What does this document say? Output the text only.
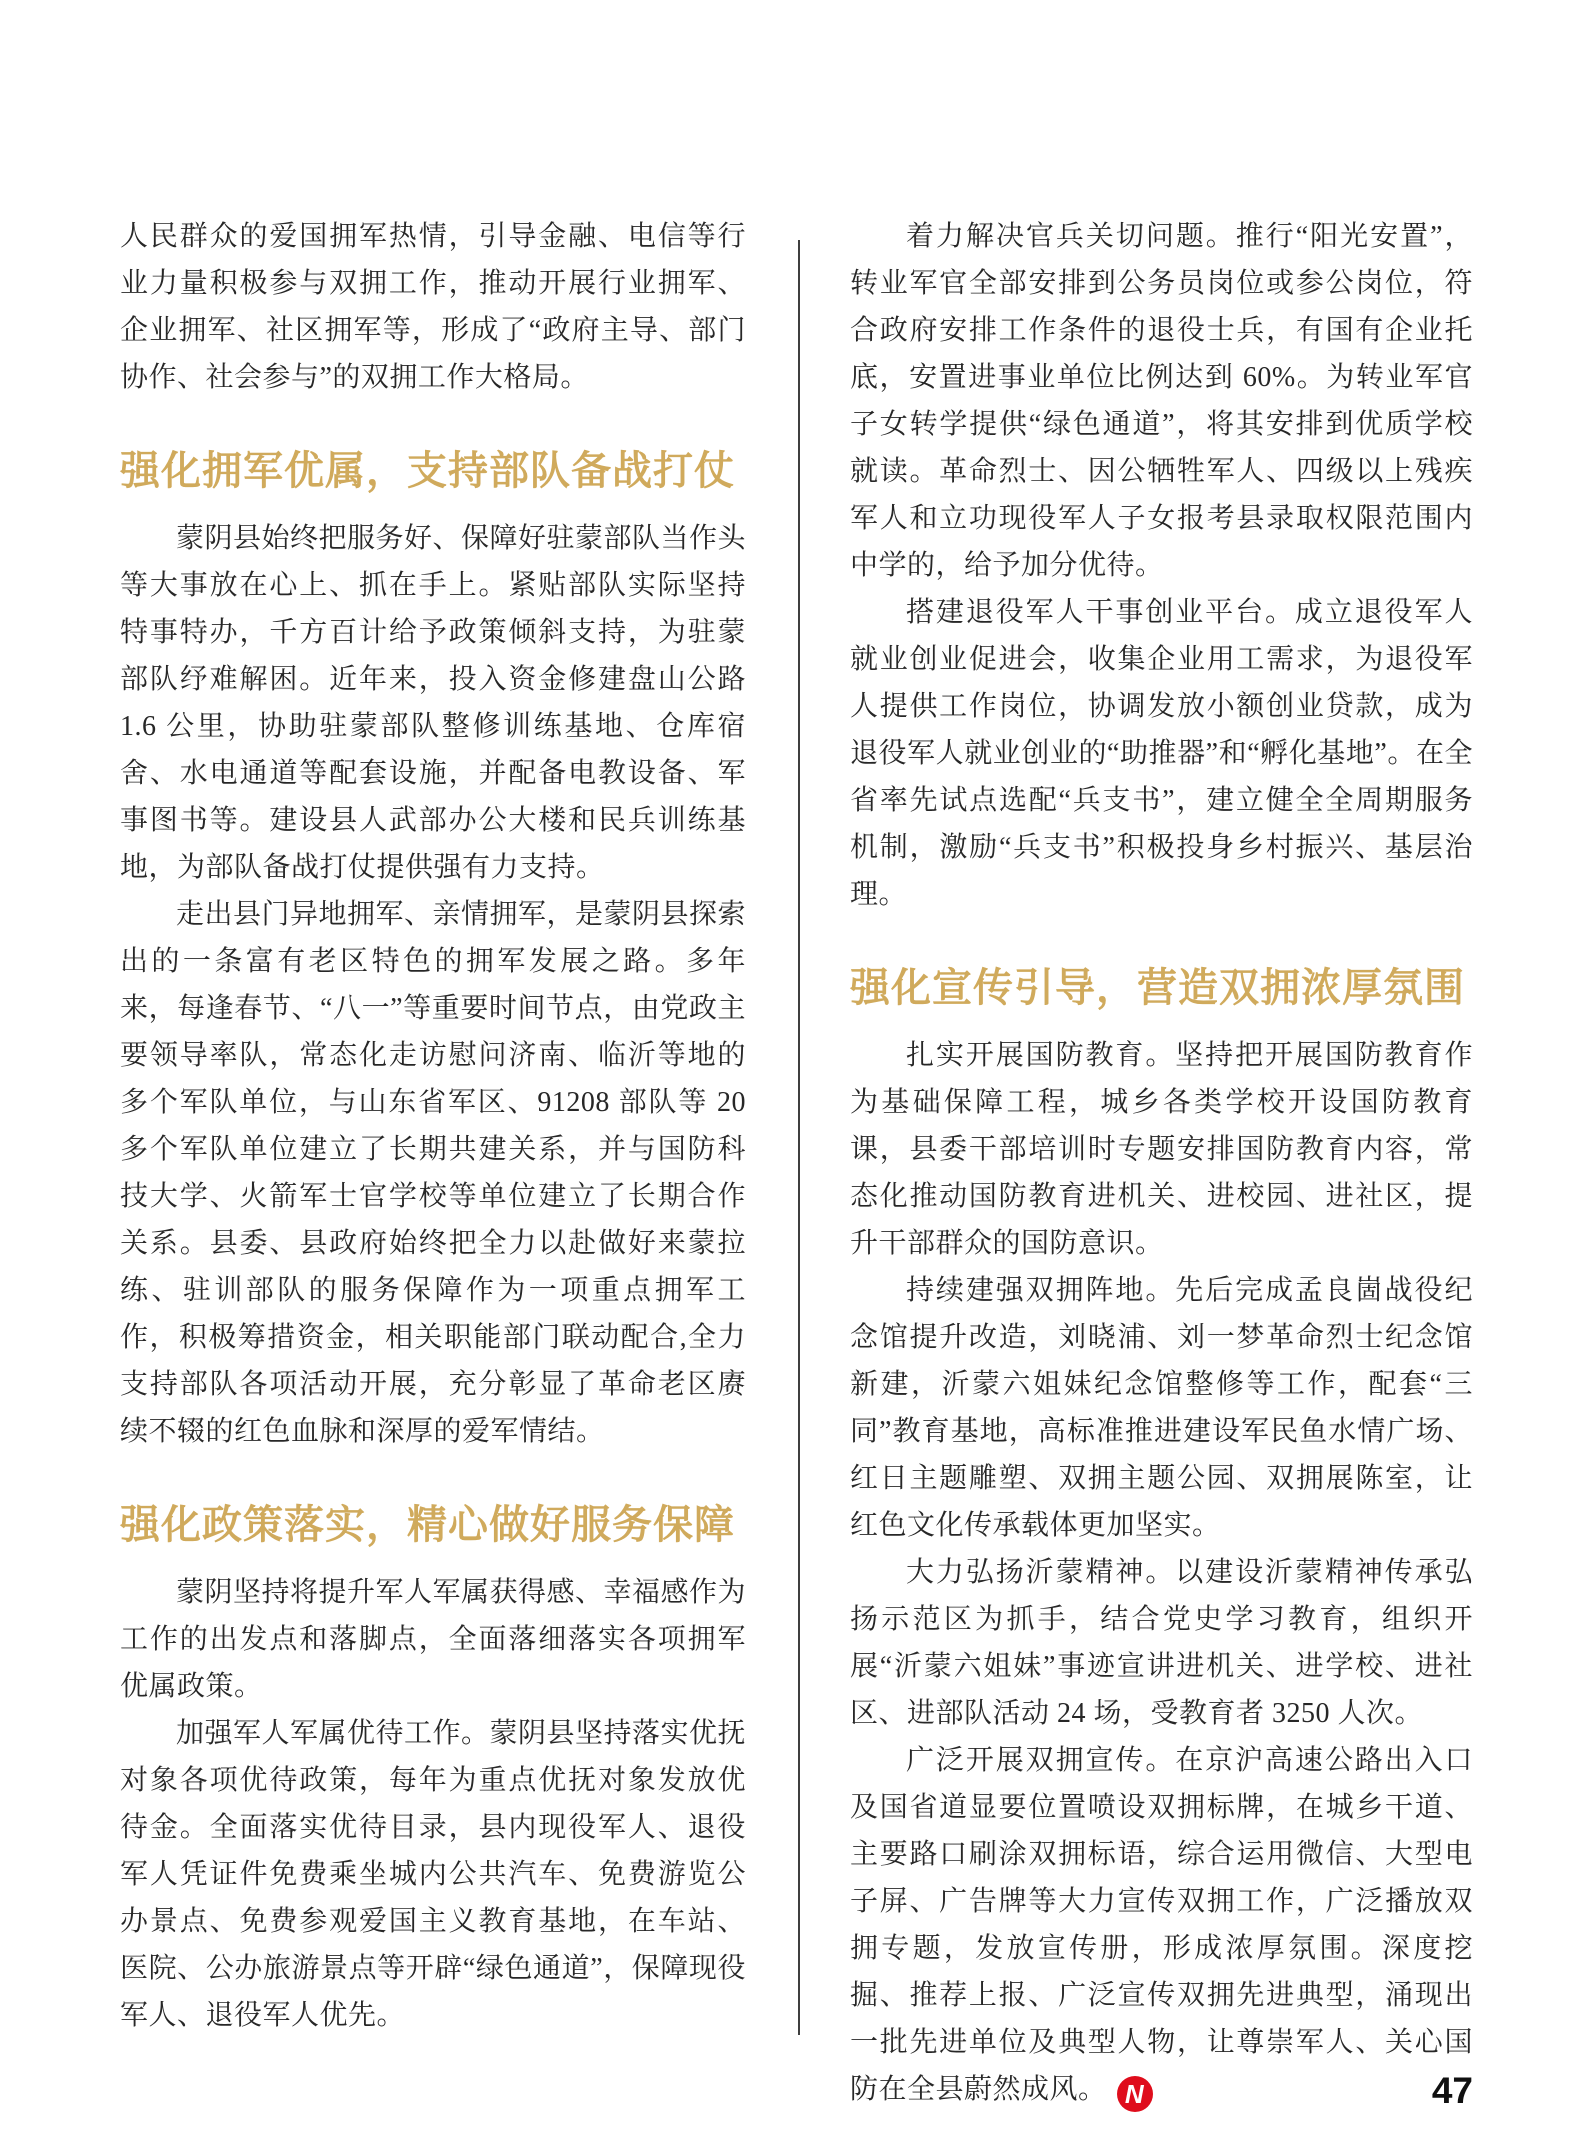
人民群众的爱国拥军热情，引导金融、电信等行业力量积极参与双拥工作，推动开展行业拥军、企业拥军、社区拥军等，形成了“政府主导、部门协作、社会参与”的双拥工作大格局。

强化拥军优属，支持部队备战打仗

蒙阴县始终把服务好、保障好驻蒙部队当作头等大事放在心上、抓在手上。紧贴部队实际坚持特事特办，千方百计给予政策倾斜支持，为驻蒙部队纾难解困。近年来，投入资金修建盘山公路 1.6 公里，协助驻蒙部队整修训练基地、仓库宿舍、水电通道等配套设施，并配备电教设备、军事图书等。建设县人武部办公大楼和民兵训练基地，为部队备战打仗提供强有力支持。

走出县门异地拥军、亲情拥军，是蒙阴县探索出的一条富有老区特色的拥军发展之路。多年来，每逢春节、“八一”等重要时间节点，由党政主要领导率队，常态化走访慰问济南、临沂等地的多个军队单位，与山东省军区、91208 部队等 20 多个军队单位建立了长期共建关系，并与国防科技大学、火箭军士官学校等单位建立了长期合作关系。县委、县政府始终把全力以赴做好来蒙拉练、驻训部队的服务保障作为一项重点拥军工作，积极筹措资金，相关职能部门联动配合,全力支持部队各项活动开展，充分彰显了革命老区赓续不辍的红色血脉和深厚的爱军情结。

强化政策落实，精心做好服务保障

蒙阴坚持将提升军人军属获得感、幸福感作为工作的出发点和落脚点，全面落细落实各项拥军优属政策。

加强军人军属优待工作。蒙阴县坚持落实优抚对象各项优待政策，每年为重点优抚对象发放优待金。全面落实优待目录，县内现役军人、退役军人凭证件免费乘坐城内公共汽车、免费游览公办景点、免费参观爱国主义教育基地，在车站、医院、公办旅游景点等开辟“绿色通道”，保障现役军人、退役军人优先。

着力解决官兵关切问题。推行“阳光安置”，转业军官全部安排到公务员岗位或参公岗位，符合政府安排工作条件的退役士兵，有国有企业托底，安置进事业单位比例达到 60%。为转业军官子女转学提供“绿色通道”，将其安排到优质学校就读。革命烈士、因公牺牲军人、四级以上残疾军人和立功现役军人子女报考县录取权限范围内中学的，给予加分优待。

搭建退役军人干事创业平台。成立退役军人就业创业促进会，收集企业用工需求，为退役军人提供工作岗位，协调发放小额创业贷款，成为退役军人就业创业的“助推器”和“孵化基地”。在全省率先试点选配“兵支书”，建立健全全周期服务机制，激励“兵支书”积极投身乡村振兴、基层治理。

强化宣传引导，营造双拥浓厚氛围

扎实开展国防教育。坚持把开展国防教育作为基础保障工程，城乡各类学校开设国防教育课，县委干部培训时专题安排国防教育内容，常态化推动国防教育进机关、进校园、进社区，提升干部群众的国防意识。

持续建强双拥阵地。先后完成孟良崮战役纪念馆提升改造，刘晓浦、刘一梦革命烈士纪念馆新建，沂蒙六姐妹纪念馆整修等工作，配套“三同”教育基地，高标准推进建设军民鱼水情广场、红日主题雕塑、双拥主题公园、双拥展陈室，让红色文化传承载体更加坚实。

大力弘扬沂蒙精神。以建设沂蒙精神传承弘扬示范区为抓手，结合党史学习教育，组织开展“沂蒙六姐妹”事迹宣讲进机关、进学校、进社区、进部队活动 24 场，受教育者 3250 人次。

广泛开展双拥宣传。在京沪高速公路出入口及国省道显要位置喷设双拥标牌，在城乡干道、主要路口刷涂双拥标语，综合运用微信、大型电子屏、广告牌等大力宣传双拥工作，广泛播放双拥专题，发放宣传册，形成浓厚氛围。深度挖掘、推荐上报、广泛宣传双拥先进典型，涌现出一批先进单位及典型人物，让尊崇军人、关心国防在全县蔚然成风。 N	47
